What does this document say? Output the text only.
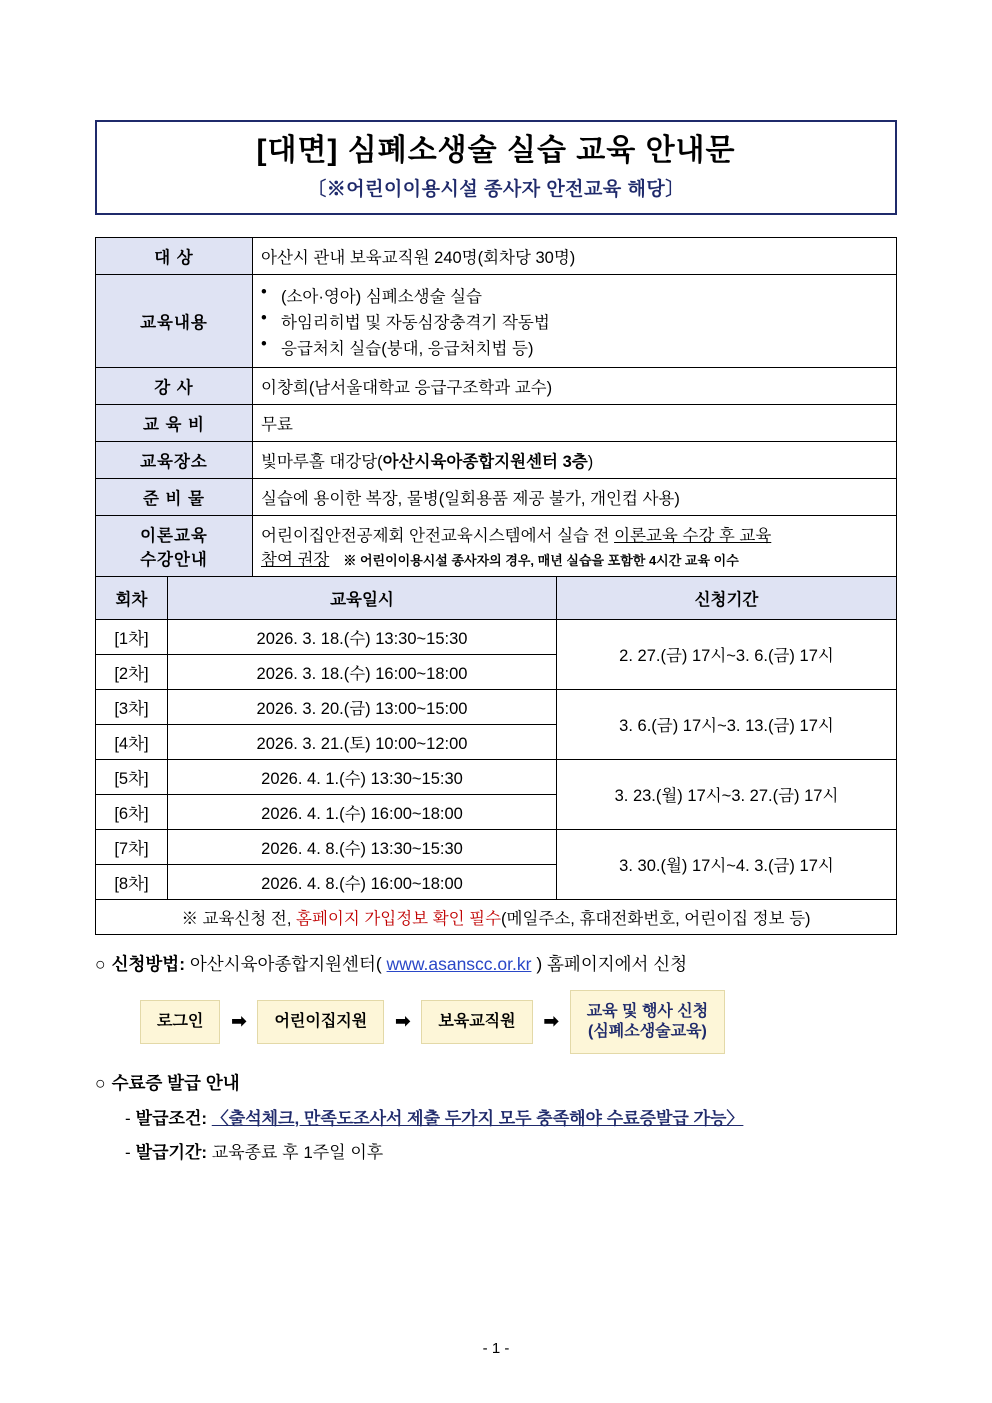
[대면] 심폐소생술 실습 교육 안내문
〔※어린이이용시설 종사자 안전교육 해당〕
대 상	아산시 관내 보육교직원 240명(회차당 30명)
교육내용	
• (소아·영아) 심폐소생술 실습
• 하임리히법 및 자동심장충격기 작동법
• 응급처치 실습(붕대, 응급처치법 등)

강 사	이창희(남서울대학교 응급구조학과 교수)
교 육 비	무료
교육장소	빛마루홀 대강당(아산시육아종합지원센터 3층)
준 비 물	실습에 용이한 복장, 물병(일회용품 제공 불가, 개인컵 사용)

이론교육
수강안내

어린이집안전공제회 안전교육시스템에서 실습 전 이론교육 수강 후 교육
참여 권장 ※ 어린이이용시설 종사자의 경우, 매년 실습을 포함한 4시간 교육 이수
회차	교육일시	신청기간
[1차]	2026. 3. 18.(수) 13:30~15:30	2. 27.(금) 17시~3. 6.(금) 17시
[2차]	2026. 3. 18.(수) 16:00~18:00	
[3차]	2026. 3. 20.(금) 13:00~15:00	3. 6.(금) 17시~3. 13.(금) 17시
[4차]	2026. 3. 21.(토) 10:00~12:00	
[5차]	2026. 4. 1.(수) 13:30~15:30	3. 23.(월) 17시~3. 27.(금) 17시
[6차]	2026. 4. 1.(수) 16:00~18:00	
[7차]	2026. 4. 8.(수) 13:30~15:30	3. 30.(월) 17시~4. 3.(금) 17시
[8차]	2026. 4. 8.(수) 16:00~18:00	
※ 교육신청 전, 홈페이지 가입정보 확인 필수(메일주소, 휴대전화번호, 어린이집 정보 등)		
○ 신청방법: 아산시육아종합지원센터( www.asanscc.or.kr ) 홈페이지에서 신청
로그인 ➡ 어린이집지원 ➡ 보육교직원 ➡ 교육 및 행사 신청
(심폐소생술교육)
○ 수료증 발급 안내
- 발급조건: 〈출석체크, 만족도조사서 제출 두가지 모두 충족해야 수료증발급 가능〉
- 발급기간: 교육종료 후 1주일 이후
- 1 -
